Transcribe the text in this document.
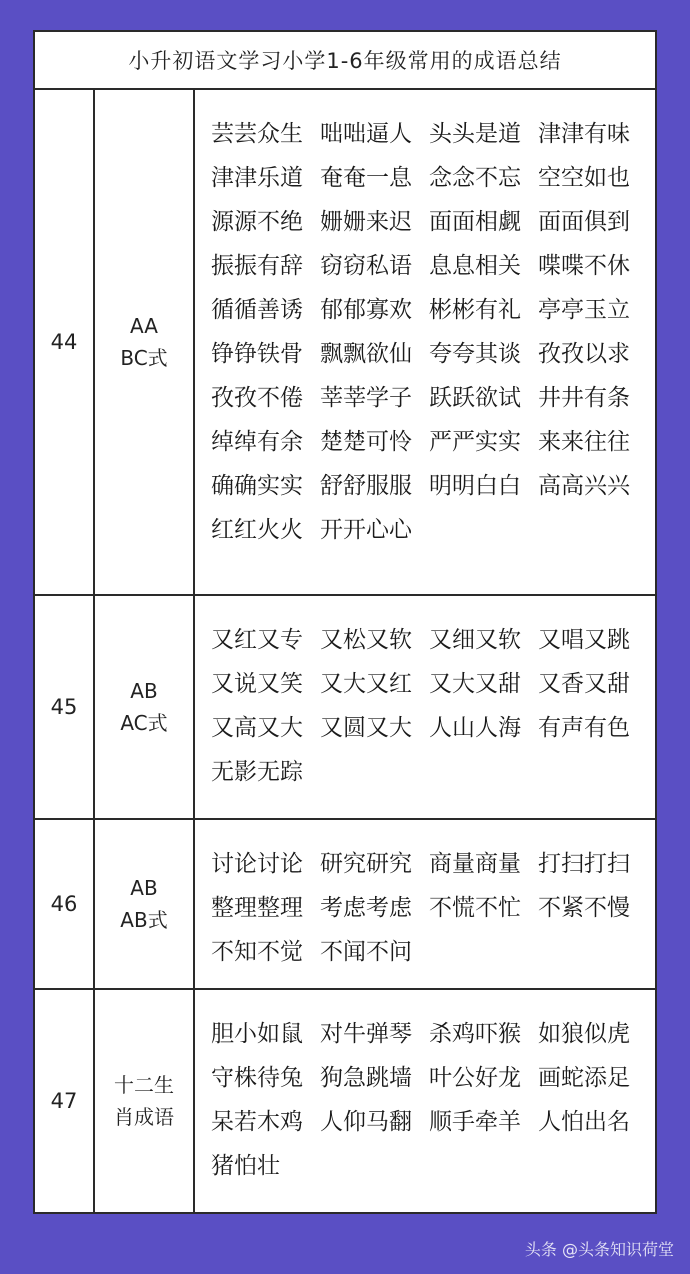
小升初语文学习小学1-6年级常用的成语总结
44
AA
BC式
芸芸众生 咄咄逼人 头头是道 津津有味
津津乐道 奄奄一息 念念不忘 空空如也
源源不绝 姗姗来迟 面面相觑 面面俱到
振振有辞 窃窃私语 息息相关 喋喋不休
循循善诱 郁郁寡欢 彬彬有礼 亭亭玉立
铮铮铁骨 飘飘欲仙 夸夸其谈 孜孜以求
孜孜不倦 莘莘学子 跃跃欲试 井井有条
绰绰有余 楚楚可怜 严严实实 来来往往
确确实实 舒舒服服 明明白白 高高兴兴
红红火火 开开心心
45
AB
AC式
又红又专 又松又软 又细又软 又唱又跳
又说又笑 又大又红 又大又甜 又香又甜
又高又大 又圆又大 人山人海 有声有色
无影无踪
46
AB
AB式
讨论讨论 研究研究 商量商量 打扫打扫
整理整理 考虑考虑 不慌不忙 不紧不慢
不知不觉 不闻不问
47
十二生
肖成语
胆小如鼠 对牛弹琴 杀鸡吓猴 如狼似虎
守株待兔 狗急跳墙 叶公好龙 画蛇添足
呆若木鸡 人仰马翻 顺手牵羊 人怕出名
猪怕壮
头条 @头条知识荷堂
